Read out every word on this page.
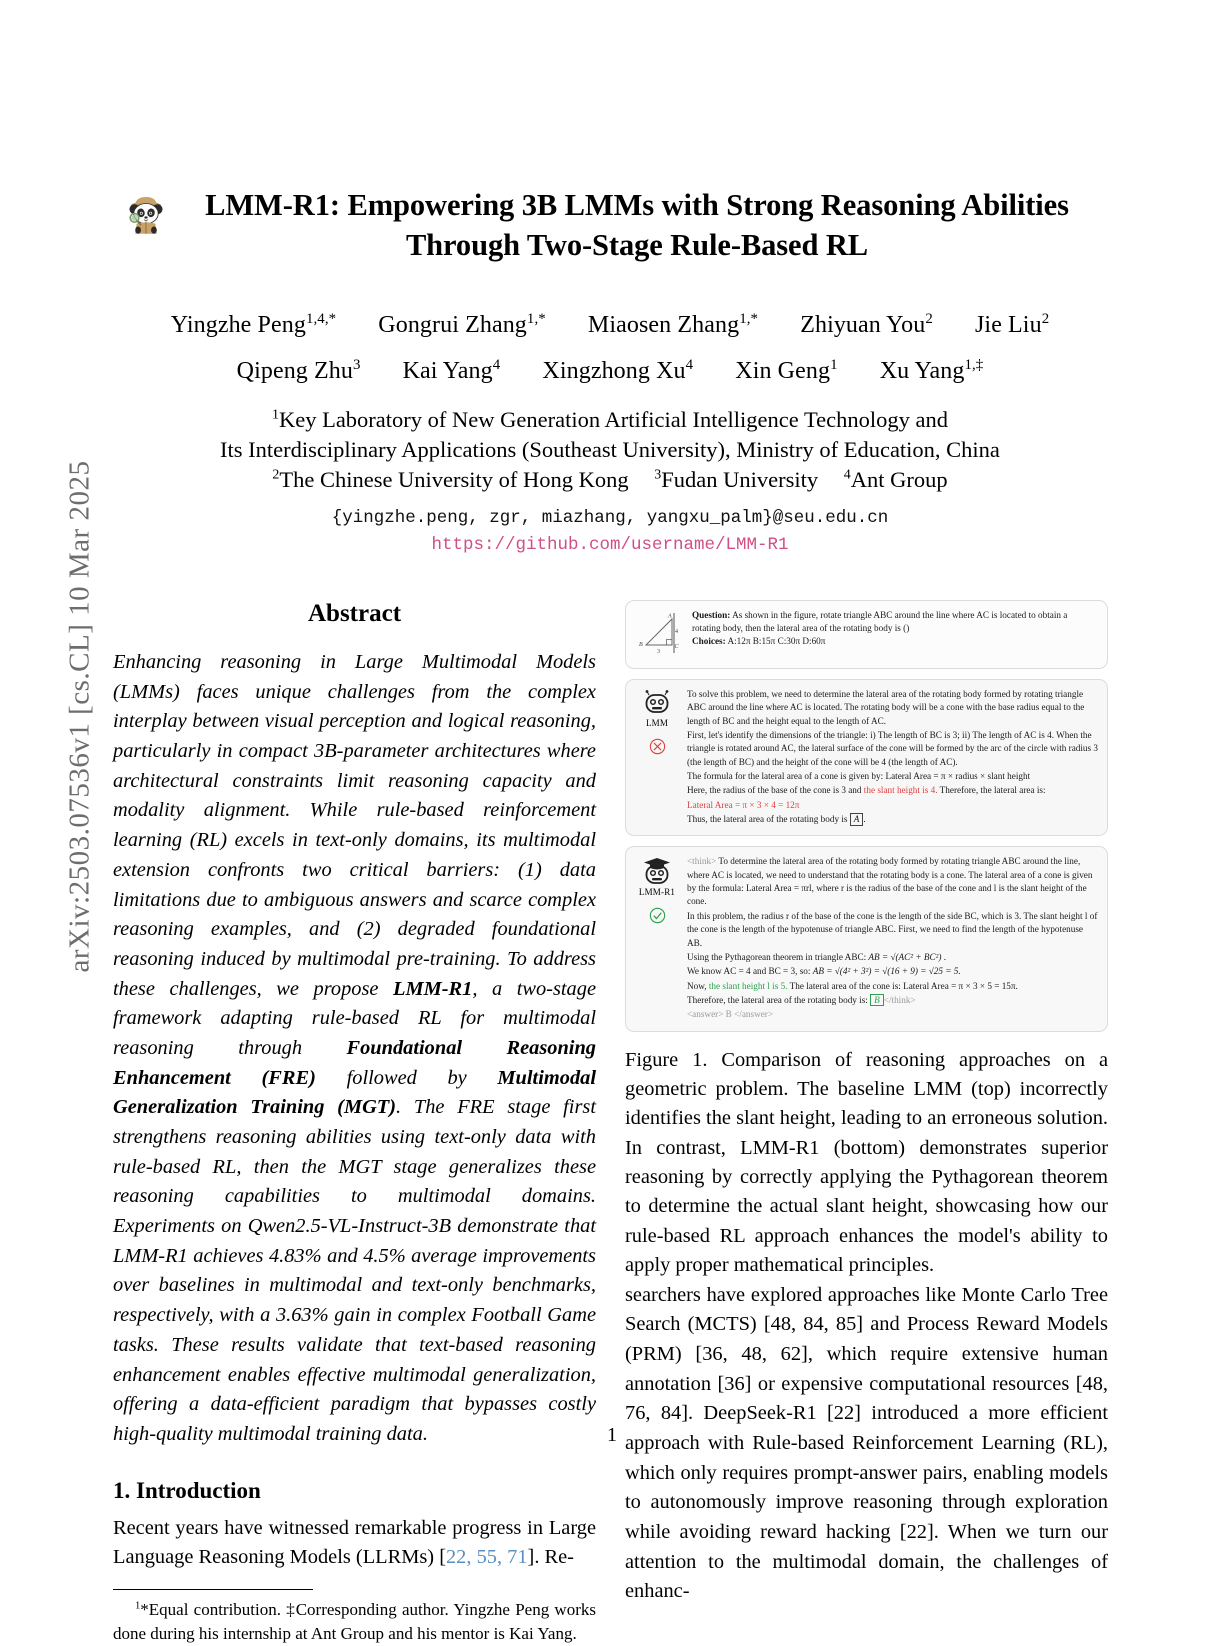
arXiv:2503.07536v1 [cs.CL] 10 Mar 2025
LMM-R1: Empowering 3B LMMs with Strong Reasoning Abilities Through Two-Stage Rule-Based RL
Yingzhe Peng$^{1,4,*}$ Gongrui Zhang$^{1,*}$ Miaosen Zhang$^{1,*}$ Zhiyuan You$^2$ Jie Liu$^2$
Qipeng Zhu$^3$ Kai Yang$^4$ Xingzhong Xu$^4$ Xin Geng$^1$ Xu Yang$^{1,\ddagger}$
$^1$Key Laboratory of New Generation Artificial Intelligence Technology and
Its Interdisciplinary Applications (Southeast University), Ministry of Education, China
$^2$The Chinese University of Hong Kong $^3$Fudan University $^4$Ant Group
{yingzhe.peng, zgr, miazhang, yangxu_palm}@seu.edu.cn
https://github.com/username/LMM-R1
Abstract

Enhancing reasoning in Large Multimodal Models (LMMs) faces unique challenges from the complex interplay between visual perception and logical reasoning, particularly in compact 3B-parameter architectures where architectural constraints limit reasoning capacity and modality alignment. While rule-based reinforcement learning (RL) excels in text-only domains, its multimodal extension confronts two critical barriers: (1) data limitations due to ambiguous answers and scarce complex reasoning examples, and (2) degraded foundational reasoning induced by multimodal pre-training. To address these challenges, we propose LMM-R1, a two-stage framework adapting rule-based RL for multimodal reasoning through Foundational Reasoning Enhancement (FRE) followed by Multimodal Generalization Training (MGT). The FRE stage first strengthens reasoning abilities using text-only data with rule-based RL, then the MGT stage generalizes these reasoning capabilities to multimodal domains. Experiments on Qwen2.5-VL-Instruct-3B demonstrate that LMM-R1 achieves 4.83% and 4.5% average improvements over baselines in multimodal and text-only benchmarks, respectively, with a 3.63% gain in complex Football Game tasks. These results validate that text-based reasoning enhancement enables effective multimodal generalization, offering a data-efficient paradigm that bypasses costly high-quality multimodal training data.

1. Introduction

Recent years have witnessed remarkable progress in Large Language Reasoning Models (LLRMs) [22, 55, 71]. Re-

$^1$*Equal contribution. ‡Corresponding author. Yingzhe Peng works done during his internship at Ant Group and his mentor is Kai Yang.
A
B	C
4
3
Question: As shown in the figure, rotate triangle ABC around the line where AC is located to obtain a rotating body, then the lateral area of the rotating body is ()
Choices: A:12π B:15π C:30π D:60π
LMM

To solve this problem, we need to determine the lateral area of the rotating body formed by rotating triangle ABC around the line where AC is located. The rotating body will be a cone with the base radius equal to the length of BC and the height equal to the length of AC.

First, let's identify the dimensions of the triangle: i) The length of BC is 3; ii) The length of AC is 4. When the triangle is rotated around AC, the lateral surface of the cone will be formed by the arc of the circle with radius 3 (the length of BC) and the height of the cone will be 4 (the length of AC).

The formula for the lateral area of a cone is given by: Lateral Area = π × radius × slant height

Here, the radius of the base of the cone is 3 and the slant height is 4. Therefore, the lateral area is:

Lateral Area = π × 3 × 4 = 12π

Thus, the lateral area of the rotating body is A .

LMM-R1

<think> To determine the lateral area of the rotating body formed by rotating triangle ABC around the line, where AC is located, we need to understand that the rotating body is a cone. The lateral area of a cone is given by the formula: Lateral Area = πrl, where r is the radius of the base of the cone and l is the slant height of the cone.

In this problem, the radius r of the base of the cone is the length of the side BC, which is 3. The slant height l of the cone is the length of the hypotenuse of triangle ABC. First, we need to find the length of the hypotenuse AB.

Using the Pythagorean theorem in triangle ABC: AB = √(AC² + BC²) .

We know AC = 4 and BC = 3, so: AB = √(4² + 3²) = √(16 + 9) = √25 = 5.

Now, the slant height l is 5. The lateral area of the cone is: Lateral Area = π × 3 × 5 = 15π.

Therefore, the lateral area of the rotating body is: B </think>

<answer> B </answer>

Figure 1. Comparison of reasoning approaches on a geometric problem. The baseline LMM (top) incorrectly identifies the slant height, leading to an erroneous solution. In contrast, LMM-R1 (bottom) demonstrates superior reasoning by correctly applying the Pythagorean theorem to determine the actual slant height, showcasing how our rule-based RL approach enhances the model's ability to apply proper mathematical principles.

searchers have explored approaches like Monte Carlo Tree Search (MCTS) [48, 84, 85] and Process Reward Models (PRM) [36, 48, 62], which require extensive human annotation [36] or expensive computational resources [48, 76, 84]. DeepSeek-R1 [22] introduced a more efficient approach with Rule-based Reinforcement Learning (RL), which only requires prompt-answer pairs, enabling models to autonomously improve reasoning through exploration while avoiding reward hacking [22]. When we turn our attention to the multimodal domain, the challenges of enhanc-

1
